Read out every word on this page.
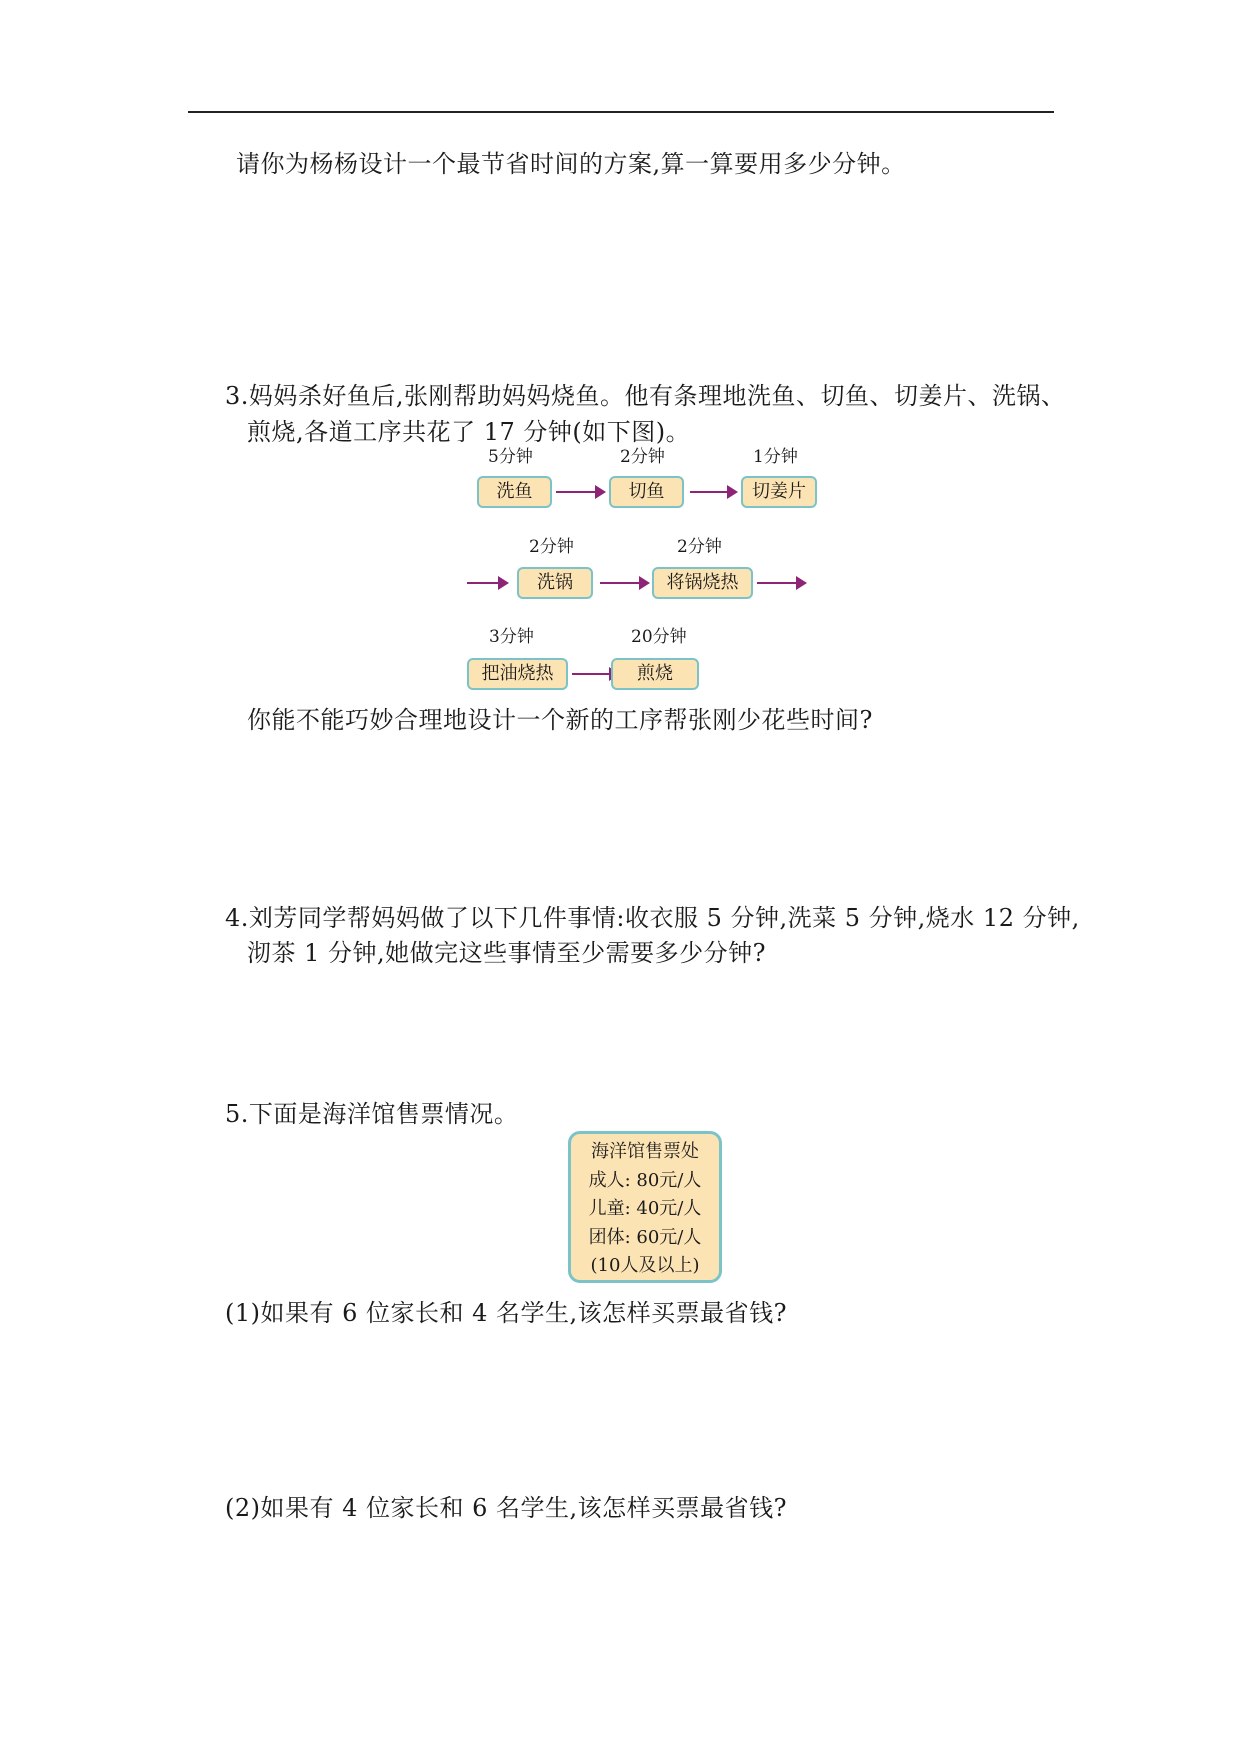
请你为杨杨设计一个最节省时间的方案,算一算要用多少分钟。
3.妈妈杀好鱼后,张刚帮助妈妈烧鱼。他有条理地洗鱼、切鱼、切姜片、洗锅、
煎烧,各道工序共花了 17 分钟(如下图)。
5分钟	2分钟	1分钟
洗鱼	切鱼	切姜片
2分钟	2分钟
洗锅	将锅烧热
3分钟	20分钟
把油烧热	煎烧
你能不能巧妙合理地设计一个新的工序帮张刚少花些时间?
4.刘芳同学帮妈妈做了以下几件事情:收衣服 5 分钟,洗菜 5 分钟,烧水 12 分钟,
沏茶 1 分钟,她做完这些事情至少需要多少分钟?
5.下面是海洋馆售票情况。
海洋馆售票处
成人: 80元/人
儿童: 40元/人
团体: 60元/人
(10人及以上)
(1)如果有 6 位家长和 4 名学生,该怎样买票最省钱?
(2)如果有 4 位家长和 6 名学生,该怎样买票最省钱?
